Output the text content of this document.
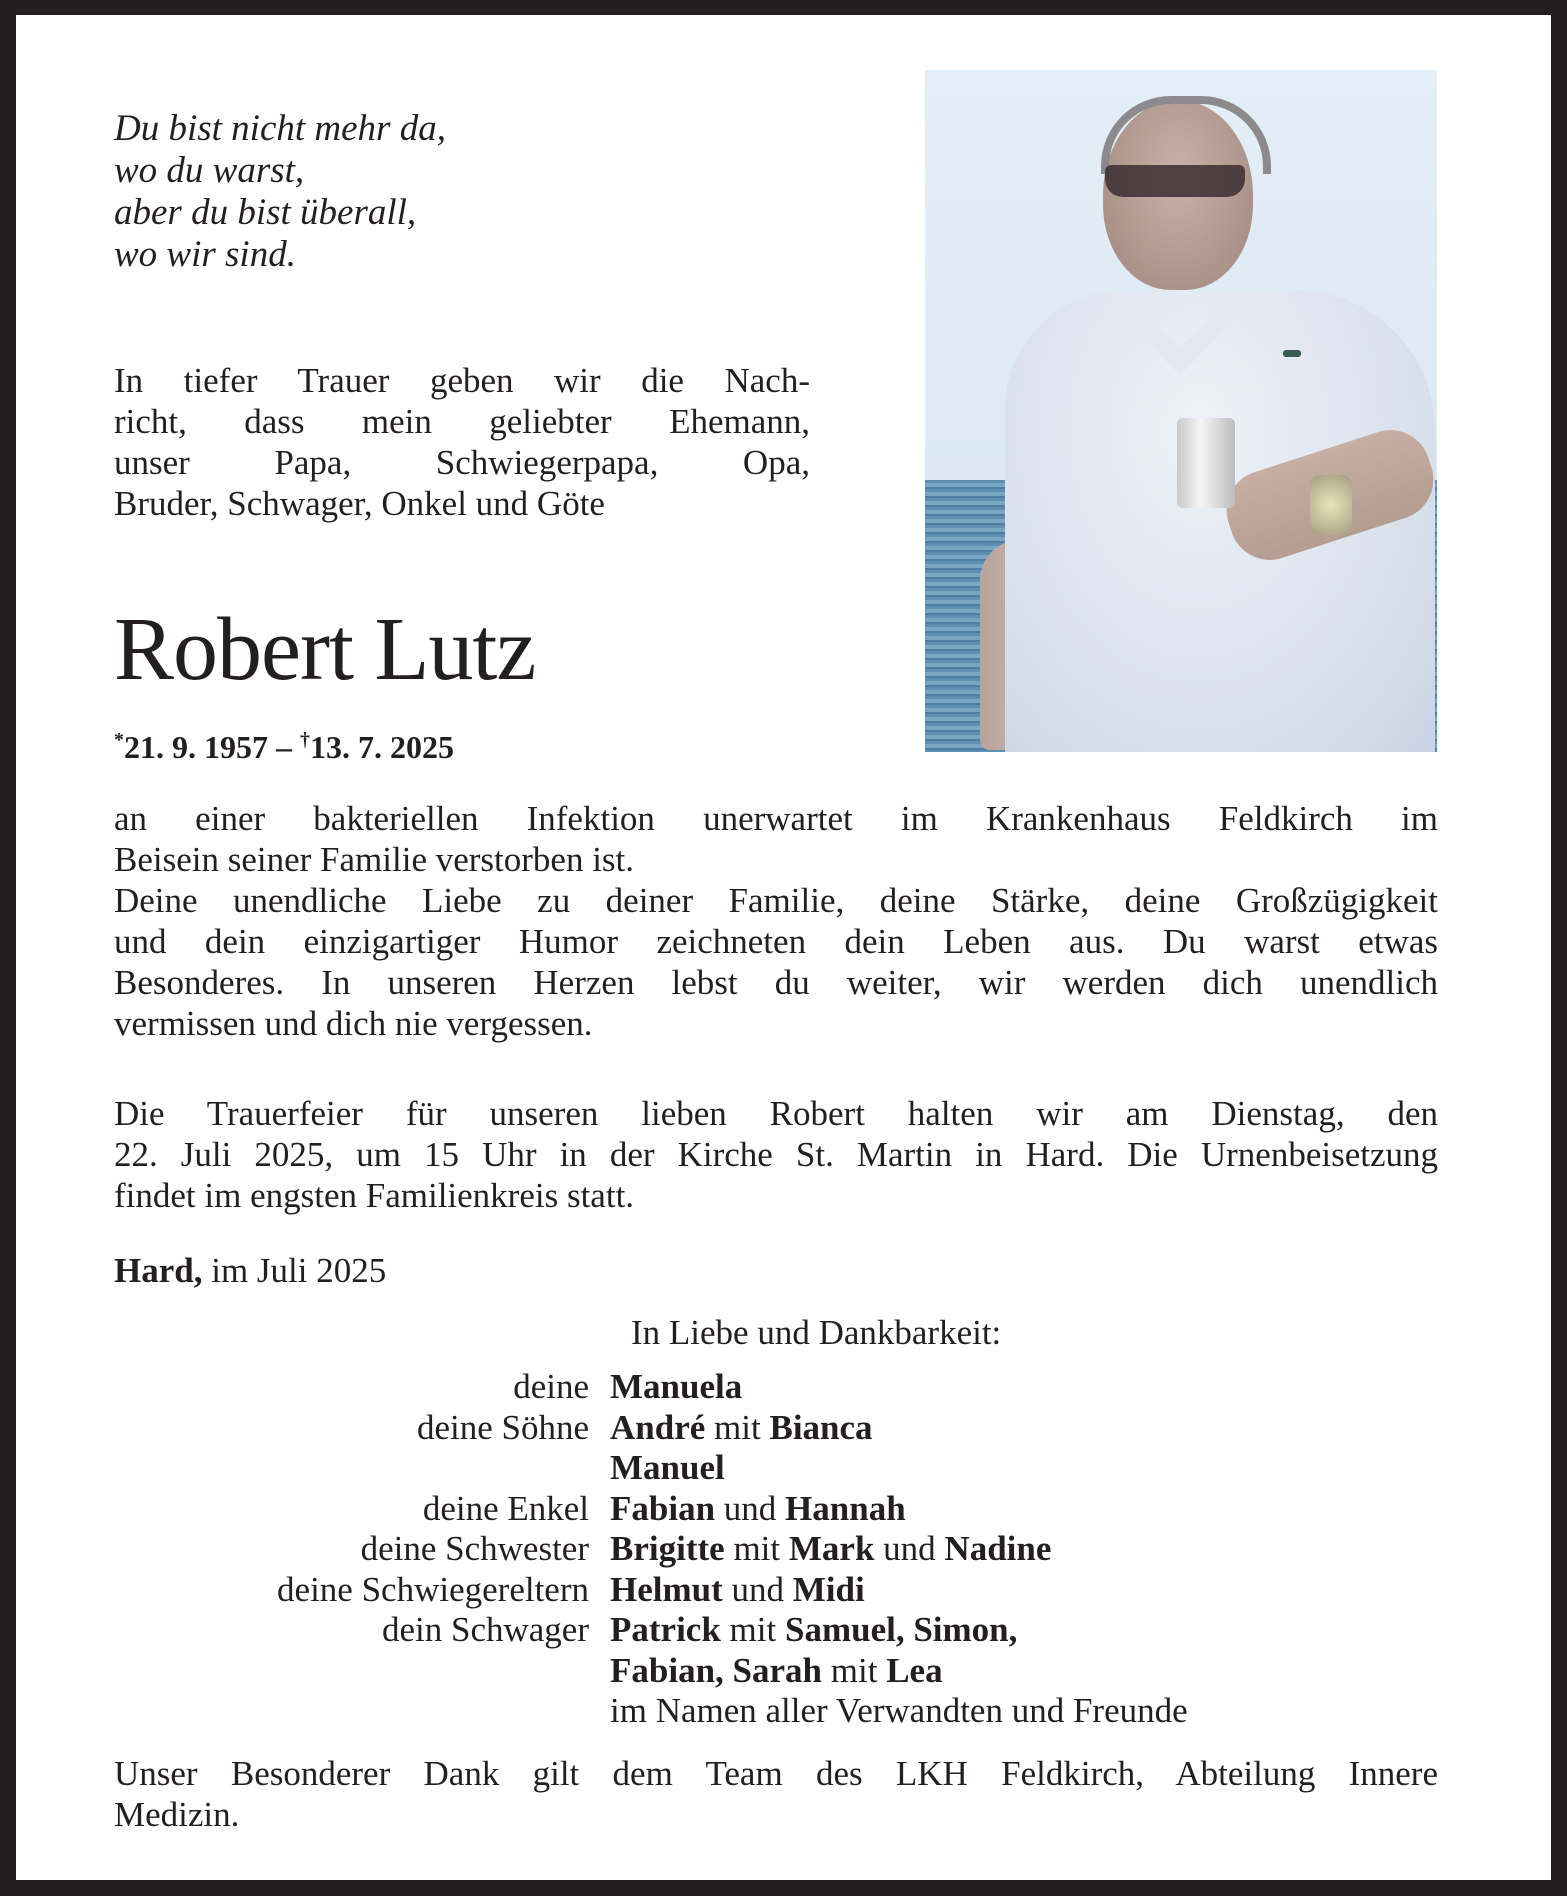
Du bist nicht mehr da,
wo du warst,
aber du bist überall,
wo wir sind.
In tiefer Trauer geben wir die Nach-
richt, dass mein geliebter Ehemann,
unser Papa, Schwiegerpapa, Opa,
Bruder, Schwager, Onkel und Göte
Robert Lutz
*21. 9. 1957 – †13. 7. 2025
an einer bakteriellen Infektion unerwartet im Krankenhaus Feldkirch im
Beisein seiner Familie verstorben ist.
Deine unendliche Liebe zu deiner Familie, deine Stärke, deine Großzügigkeit
und dein einzigartiger Humor zeichneten dein Leben aus. Du warst etwas
Besonderes. In unseren Herzen lebst du weiter, wir werden dich unendlich
vermissen und dich nie vergessen.
Die Trauerfeier für unseren lieben Robert halten wir am Dienstag, den
22. Juli 2025, um 15 Uhr in der Kirche St. Martin in Hard. Die Urnenbeisetzung
findet im engsten Familienkreis statt.
Hard, im Juli 2025
In Liebe und Dankbarkeit:
deine Manuela
deine Söhne André mit Bianca
Manuel
deine Enkel Fabian und Hannah
deine Schwester Brigitte mit Mark und Nadine
deine Schwiegereltern Helmut und Midi
dein Schwager Patrick mit Samuel, Simon,
Fabian, Sarah mit Lea
im Namen aller Verwandten und Freunde
Unser Besonderer Dank gilt dem Team des LKH Feldkirch, Abteilung Innere
Medizin.
